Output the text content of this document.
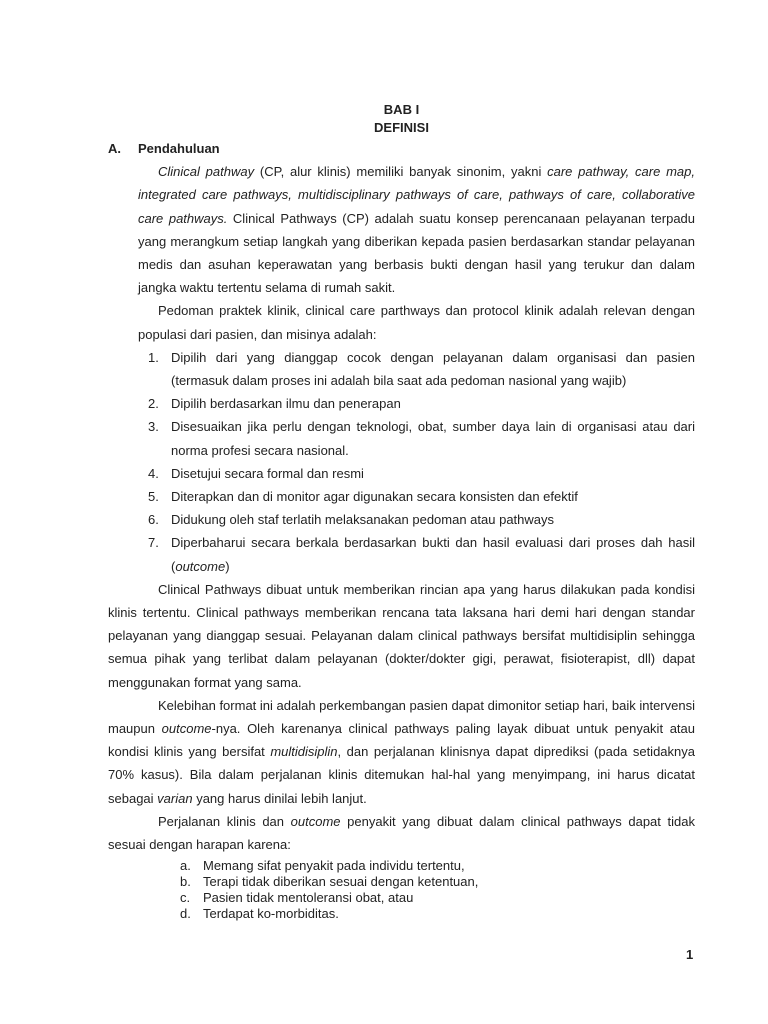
BAB I
DEFINISI
A.	Pendahuluan

Clinical pathway (CP, alur klinis) memiliki banyak sinonim, yakni care pathway, care map, integrated care pathways, multidisciplinary pathways of care, pathways of care, collaborative care pathways. Clinical Pathways (CP) adalah suatu konsep perencanaan pelayanan terpadu yang merangkum setiap langkah yang diberikan kepada pasien berdasarkan standar pelayanan medis dan asuhan keperawatan yang berbasis bukti dengan hasil yang terukur dan dalam jangka waktu tertentu selama di rumah sakit.

Pedoman praktek klinik, clinical care parthways dan protocol klinik adalah relevan dengan populasi dari pasien, dan misinya adalah:

1. Dipilih dari yang dianggap cocok dengan pelayanan dalam organisasi dan pasien (termasuk dalam proses ini adalah bila saat ada pedoman nasional yang wajib)
2. Dipilih berdasarkan ilmu dan penerapan
3. Disesuaikan jika perlu dengan teknologi, obat, sumber daya lain di organisasi atau dari norma profesi secara nasional.
4. Disetujui secara formal dan resmi
5. Diterapkan dan di monitor agar digunakan secara konsisten dan efektif
6. Didukung oleh staf terlatih melaksanakan pedoman atau pathways
7. Diperbaharui secara berkala berdasarkan bukti dan hasil evaluasi dari proses dah hasil (outcome)

Clinical Pathways dibuat untuk memberikan rincian apa yang harus dilakukan pada kondisi klinis tertentu. Clinical pathways memberikan rencana tata laksana hari demi hari dengan standar pelayanan yang dianggap sesuai. Pelayanan dalam clinical pathways bersifat multidisiplin sehingga semua pihak yang terlibat dalam pelayanan (dokter/dokter gigi, perawat, fisioterapist, dll) dapat menggunakan format yang sama.

Kelebihan format ini adalah perkembangan pasien dapat dimonitor setiap hari, baik intervensi maupun outcome-nya. Oleh karenanya clinical pathways paling layak dibuat untuk penyakit atau kondisi klinis yang bersifat multidisiplin, dan perjalanan klinisnya dapat diprediksi (pada setidaknya 70% kasus). Bila dalam perjalanan klinis ditemukan hal-hal yang menyimpang, ini harus dicatat sebagai varian yang harus dinilai lebih lanjut.

Perjalanan klinis dan outcome penyakit yang dibuat dalam clinical pathways dapat tidak sesuai dengan harapan karena:

a. Memang sifat penyakit pada individu tertentu,
b. Terapi tidak diberikan sesuai dengan ketentuan,
c. Pasien tidak mentoleransi obat, atau
d. Terdapat ko-morbiditas.
1
